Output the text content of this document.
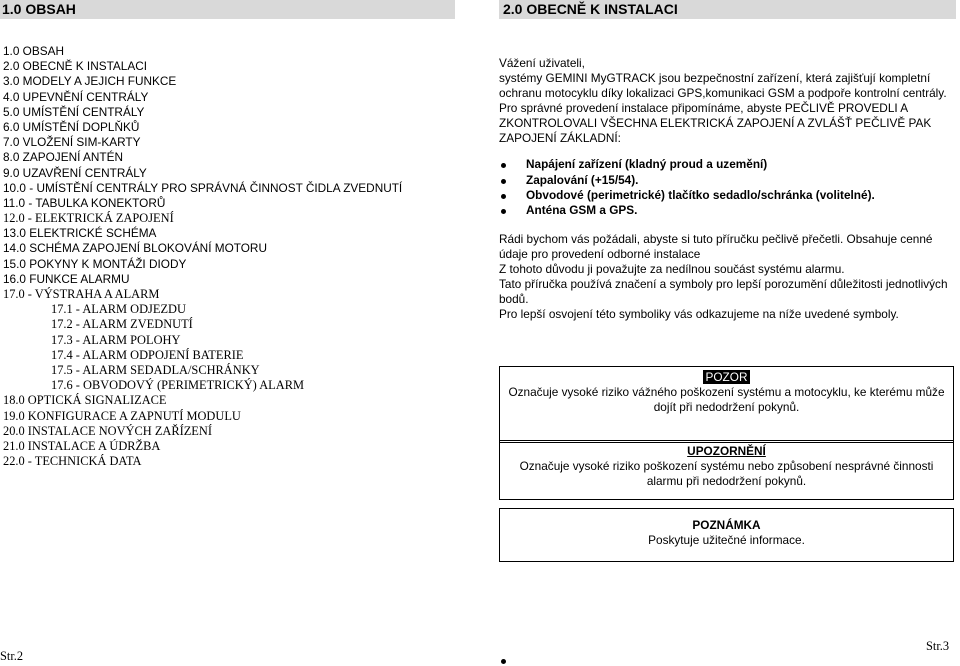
1.0 OBSAH	2.0 OBECNĚ K INSTALACI
1.0 OBSAH
2.0 OBECNĚ K INSTALACI
3.0 MODELY A JEJICH FUNKCE
4.0 UPEVNĚNÍ CENTRÁLY
5.0 UMÍSTĚNÍ CENTRÁLY
6.0 UMÍSTĚNÍ DOPLŇKŮ
7.0 VLOŽENÍ SIM-KARTY
8.0 ZAPOJENÍ ANTÉN
9.0 UZAVŘENÍ CENTRÁLY
10.0 - UMÍSTĚNÍ CENTRÁLY PRO SPRÁVNÁ ČINNOST ČIDLA ZVEDNUTÍ
11.0 - TABULKA KONEKTORŮ
12.0 - ELEKTRICKÁ ZAPOJENÍ
13.0 ELEKTRICKÉ SCHÉMA
14.0 SCHÉMA ZAPOJENÍ BLOKOVÁNÍ MOTORU
15.0 POKYNY K MONTÁŽI DIODY
16.0 FUNKCE ALARMU
17.0 - VÝSTRAHA A ALARM
17.1 - ALARM ODJEZDU
17.2 - ALARM ZVEDNUTÍ
17.3 - ALARM POLOHY
17.4 - ALARM ODPOJENÍ BATERIE
17.5 - ALARM SEDADLA/SCHRÁNKY
17.6 - OBVODOVÝ (PERIMETRICKÝ) ALARM
18.0 OPTICKÁ SIGNALIZACE
19.0 KONFIGURACE A ZAPNUTÍ MODULU
20.0 INSTALACE NOVÝCH ZAŘÍZENÍ
21.0 INSTALACE A ÚDRŽBA
22.0 - TECHNICKÁ DATA

Vážení uživateli,

systémy GEMINI MyGTRACK jsou bezpečnostní zařízení, která zajišťují kompletní ochranu motocyklu díky lokalizaci GPS,komunikaci GSM a podpoře kontrolní centrály.

Pro správné provedení instalace připomínáme, abyste PEČLIVĚ PROVEDLI A ZKONTROLOVALI VŠECHNA ELEKTRICKÁ ZAPOJENÍ A ZVLÁŠŤ PEČLIVĚ PAK ZAPOJENÍ ZÁKLADNÍ:

Napájení zařízení (kladný proud a uzemění)
Zapalování (+15/54).
Obvodové (perimetrické) tlačítko sedadlo/schránka (volitelné).
Anténa GSM a GPS.

Rádi bychom vás požádali, abyste si tuto příručku pečlivě přečetli. Obsahuje cenné údaje pro provedení odborné instalace

Z tohoto důvodu ji považujte za nedílnou součást systému alarmu.

Tato příručka používá značení a symboly pro lepší porozumění důležitosti jednotlivých bodů.

Pro lepší osvojení této symboliky vás odkazujeme na níže uvedené symboly.

POZOR
Označuje vysoké riziko vážného poškození systému a motocyklu, ke kterému může dojít při nedodržení pokynů.
UPOZORNĚNÍ
Označuje vysoké riziko poškození systému nebo způsobení nesprávné činnosti alarmu při nedodržení pokynů.
POZNÁMKA
Poskytuje užitečné informace.
Str.2
Str.3
